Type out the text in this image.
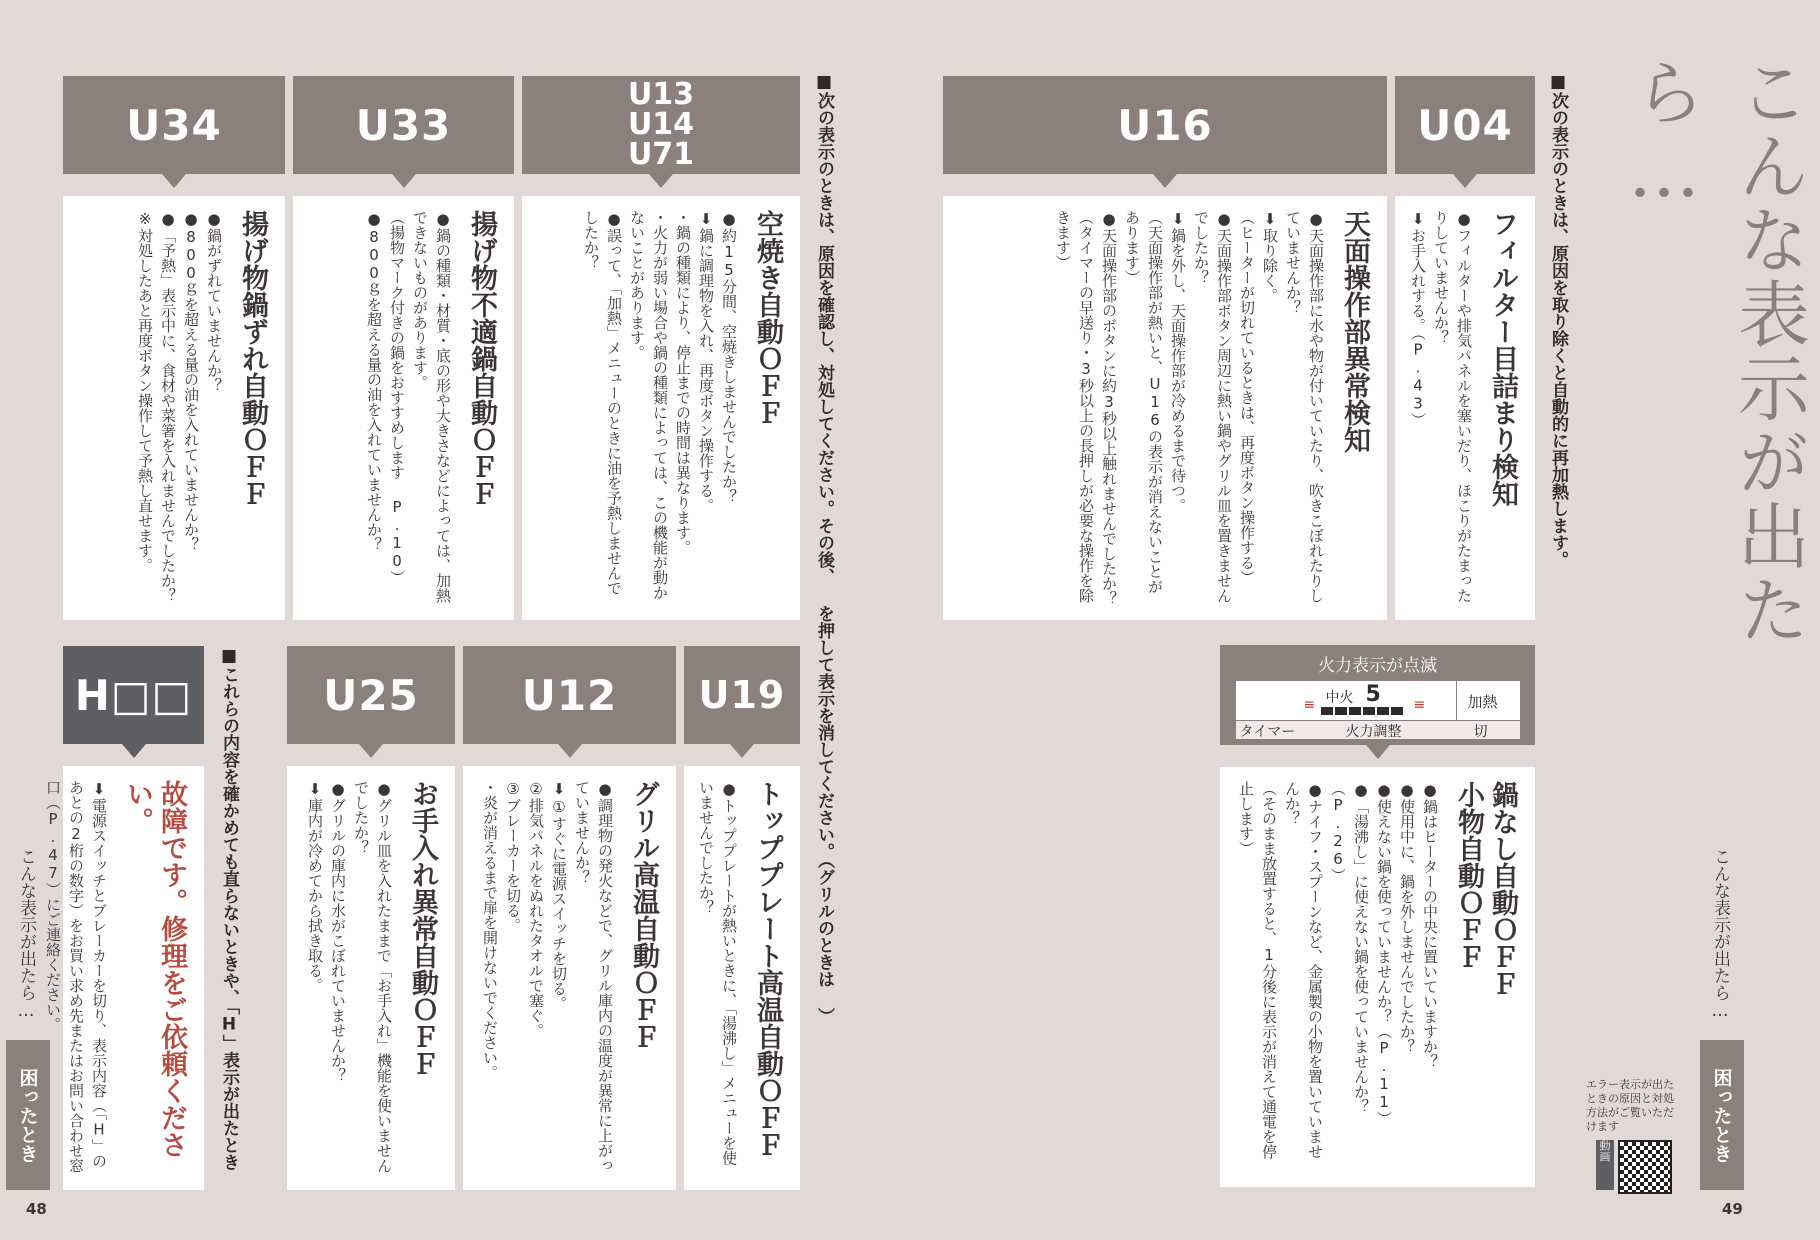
こんな表示が出たら…
■次の表示のときは、原因を取り除くと自動的に再加熱します。
U04
フィルター目詰まり検知
●フィルターや排気パネルを塞いだり、ほこりがたまったりしていませんか？
⬇お手入れする。（P.43）
U16
天面操作部異常検知
●天面操作部に水や物が付いていたり、吹きこぼれたりしていませんか？
⬇取り除く。
（ヒーターが切れているときは、再度ボタン操作する）
●天面操作部ボタン周辺に熱い鍋やグリル皿を置きませんでしたか？
⬇鍋を外し、天面操作部が冷めるまで待つ。
（天面操作部が熱いと、U16の表示が消えないことがあります）
●天面操作部のボタンに約3秒以上触れませんでしたか？
（タイマーの早送り・3秒以上の長押しが必要な操作を除きます）
火力表示が点滅
中火 5
≡	≡	加熱
タイマー	火力調整	切
鍋なし自動ＯＦＦ
小物自動ＯＦＦ
●鍋はヒーターの中央に置いていますか？
●使用中に、鍋を外しませんでしたか？
●使えない鍋を使っていませんか？（P.11）
●「湯沸し」に使えない鍋を使っていませんか？（P.26）
●ナイフ・スプーンなど、金属製の小物を置いていませんか？
（そのまま放置すると、1分後に表示が消えて通電を停止します）
エラー表示が出たときの原因と対処方法がご覧いただけます
動画
こんな表示が出たら…
困ったとき
49
■次の表示のときは、原因を確認し、対処してください。その後、 を押して表示を消してください。（グリルのときは ）
U13
U14
U71
空焼き自動ＯＦＦ
●約15分間、空焼きしませんでしたか？
⬇鍋に調理物を入れ、再度ボタン操作する。
・鍋の種類により、停止までの時間は異なります。
・火力が弱い場合や鍋の種類によっては、この機能が動かないことがあります。
●誤って、「加熱」メニューのときに油を予熱しませんでしたか？
U33
揚げ物不適鍋自動ＯＦＦ
●鍋の種類・材質・底の形や大きさなどによっては、加熱できないものがあります。
（揚物マーク付きの鍋をおすすめします P.10）
●800ｇを超える量の油を入れていませんか？
U34
揚げ物鍋ずれ自動ＯＦＦ
●鍋がずれていませんか？
●800ｇを超える量の油を入れていませんか？
●「予熱」表示中に、食材や菜箸を入れませんでしたか？
※対処したあと再度ボタン操作して予熱し直せます。
U19
トッププレート高温自動ＯＦＦ
●トッププレートが熱いときに、「湯沸し」メニューを使いませんでしたか？
U12
グリル高温自動ＯＦＦ
●調理物の発火などで、グリル庫内の温度が異常に上がっていませんか？
⬇①すぐに電源スイッチを切る。
②排気パネルをぬれたタオルで塞ぐ。
③ブレーカーを切る。
・炎が消えるまで扉を開けないでください。
U25
お手入れ異常自動ＯＦＦ
●グリル皿を入れたままで「お手入れ」機能を使いませんでしたか？
●グリルの庫内に水がこぼれていませんか？
⬇庫内が冷めてから拭き取る。
■これらの内容を確かめても直らないときや、「H」表示が出たとき
H□□
故障です。修理をご依頼ください。
⬇電源スイッチとブレーカーを切り、表示内容（「H」のあとの2桁の数字）をお買い求め先またはお問い合わせ窓口（P.47）にご連絡ください。
こんな表示が出たら…
困ったとき
48
